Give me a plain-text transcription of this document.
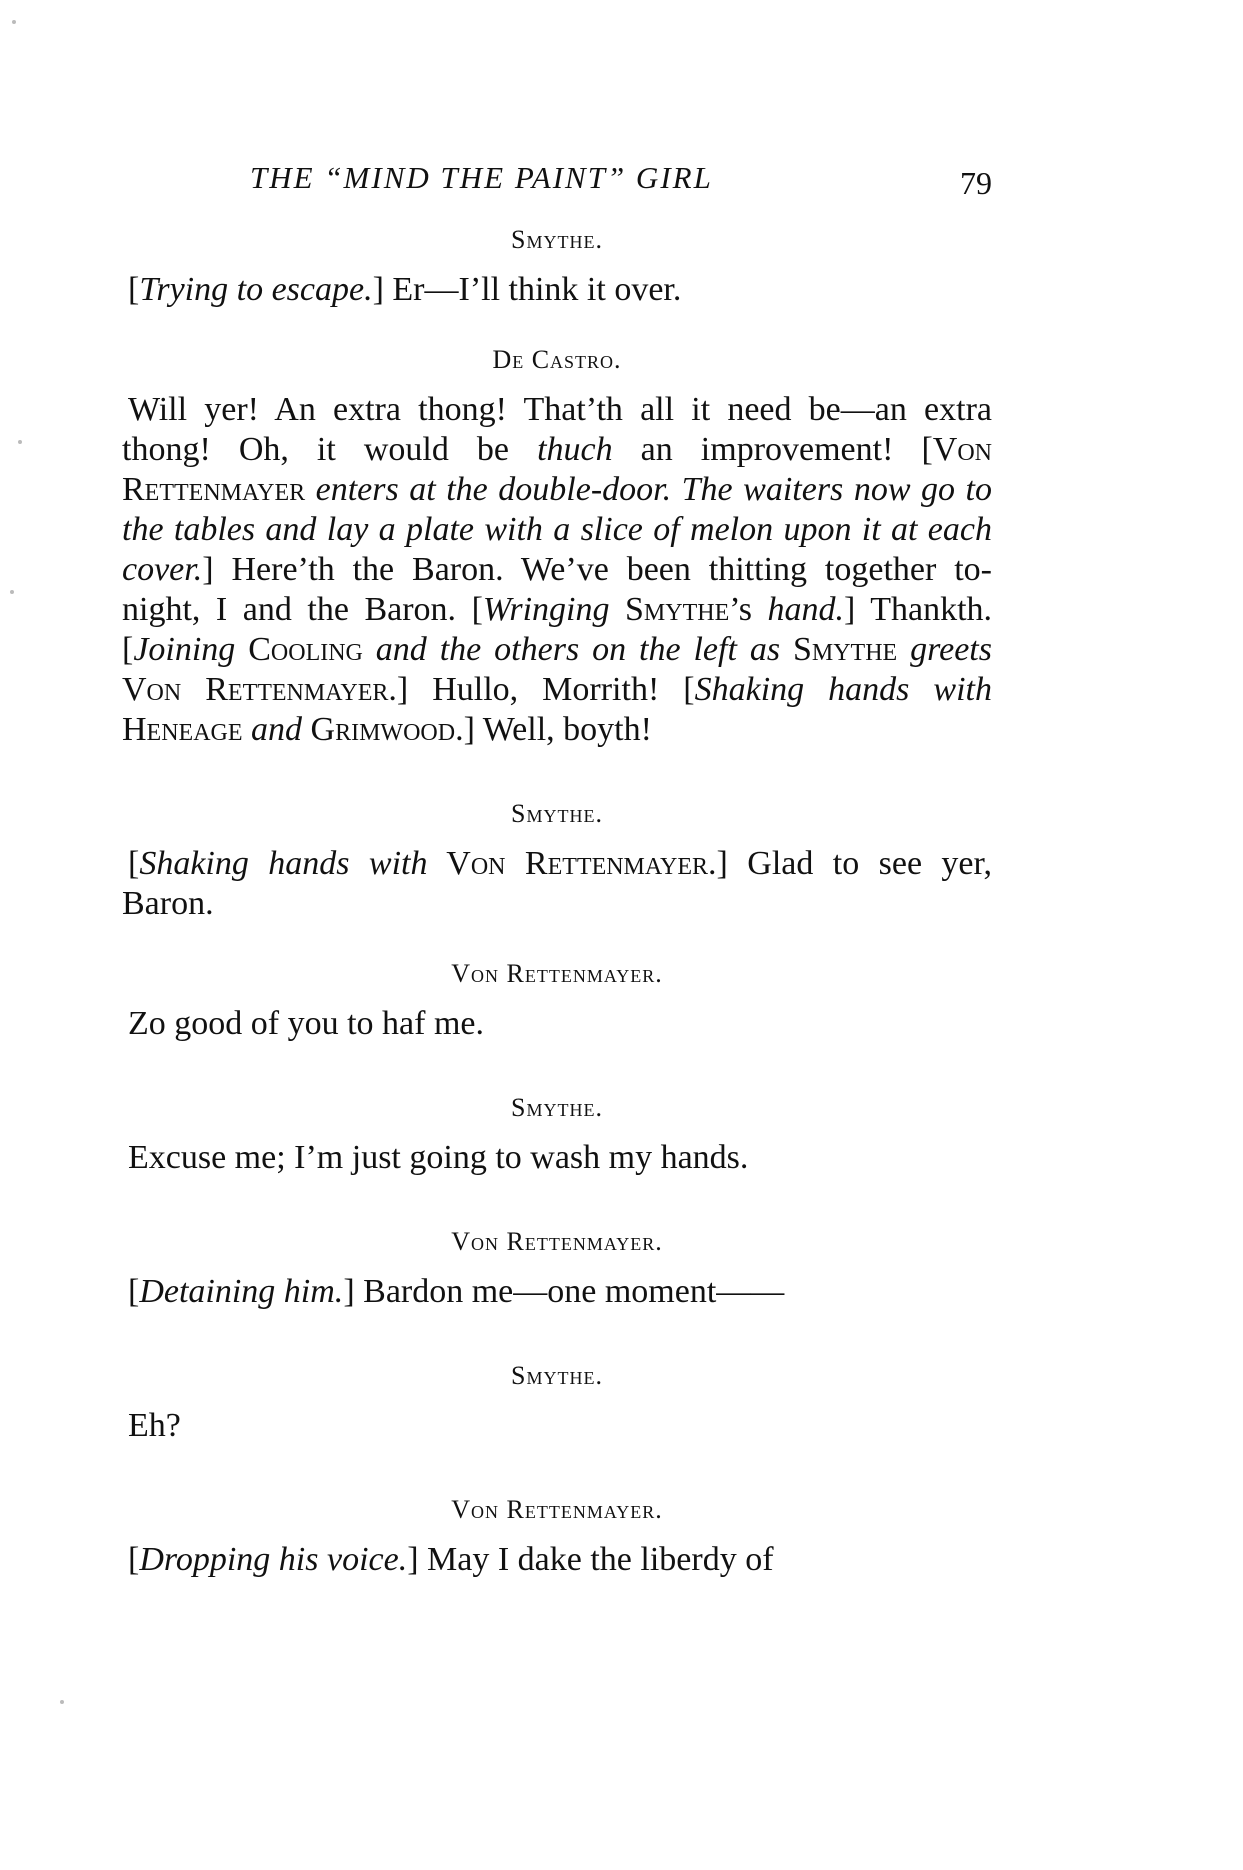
THE “MIND THE PAINT” GIRL	79

Smythe.

[Trying to escape.] Er—I’ll think it over.

De Castro.

Will yer! An extra thong! That’th all it need be—an extra thong! Oh, it would be thuch an improvement! [Von Rettenmayer enters at the double-door. The waiters now go to the tables and lay a plate with a slice of melon upon it at each cover.] Here’th the Baron. We’ve been thitting together to-night, I and the Baron. [Wringing Smythe’s hand.] Thankth. [Joining Cooling and the others on the left as Smythe greets Von Rettenmayer.] Hullo, Morrith! [Shaking hands with Heneage and Grimwood.] Well, boyth!

Smythe.

[Shaking hands with Von Rettenmayer.] Glad to see yer, Baron.

Von Rettenmayer.

Zo good of you to haf me.

Smythe.

Excuse me; I’m just going to wash my hands.

Von Rettenmayer.

[Detaining him.] Bardon me—one moment——

Smythe.

Eh?

Von Rettenmayer.

[Dropping his voice.] May I dake the liberdy of
